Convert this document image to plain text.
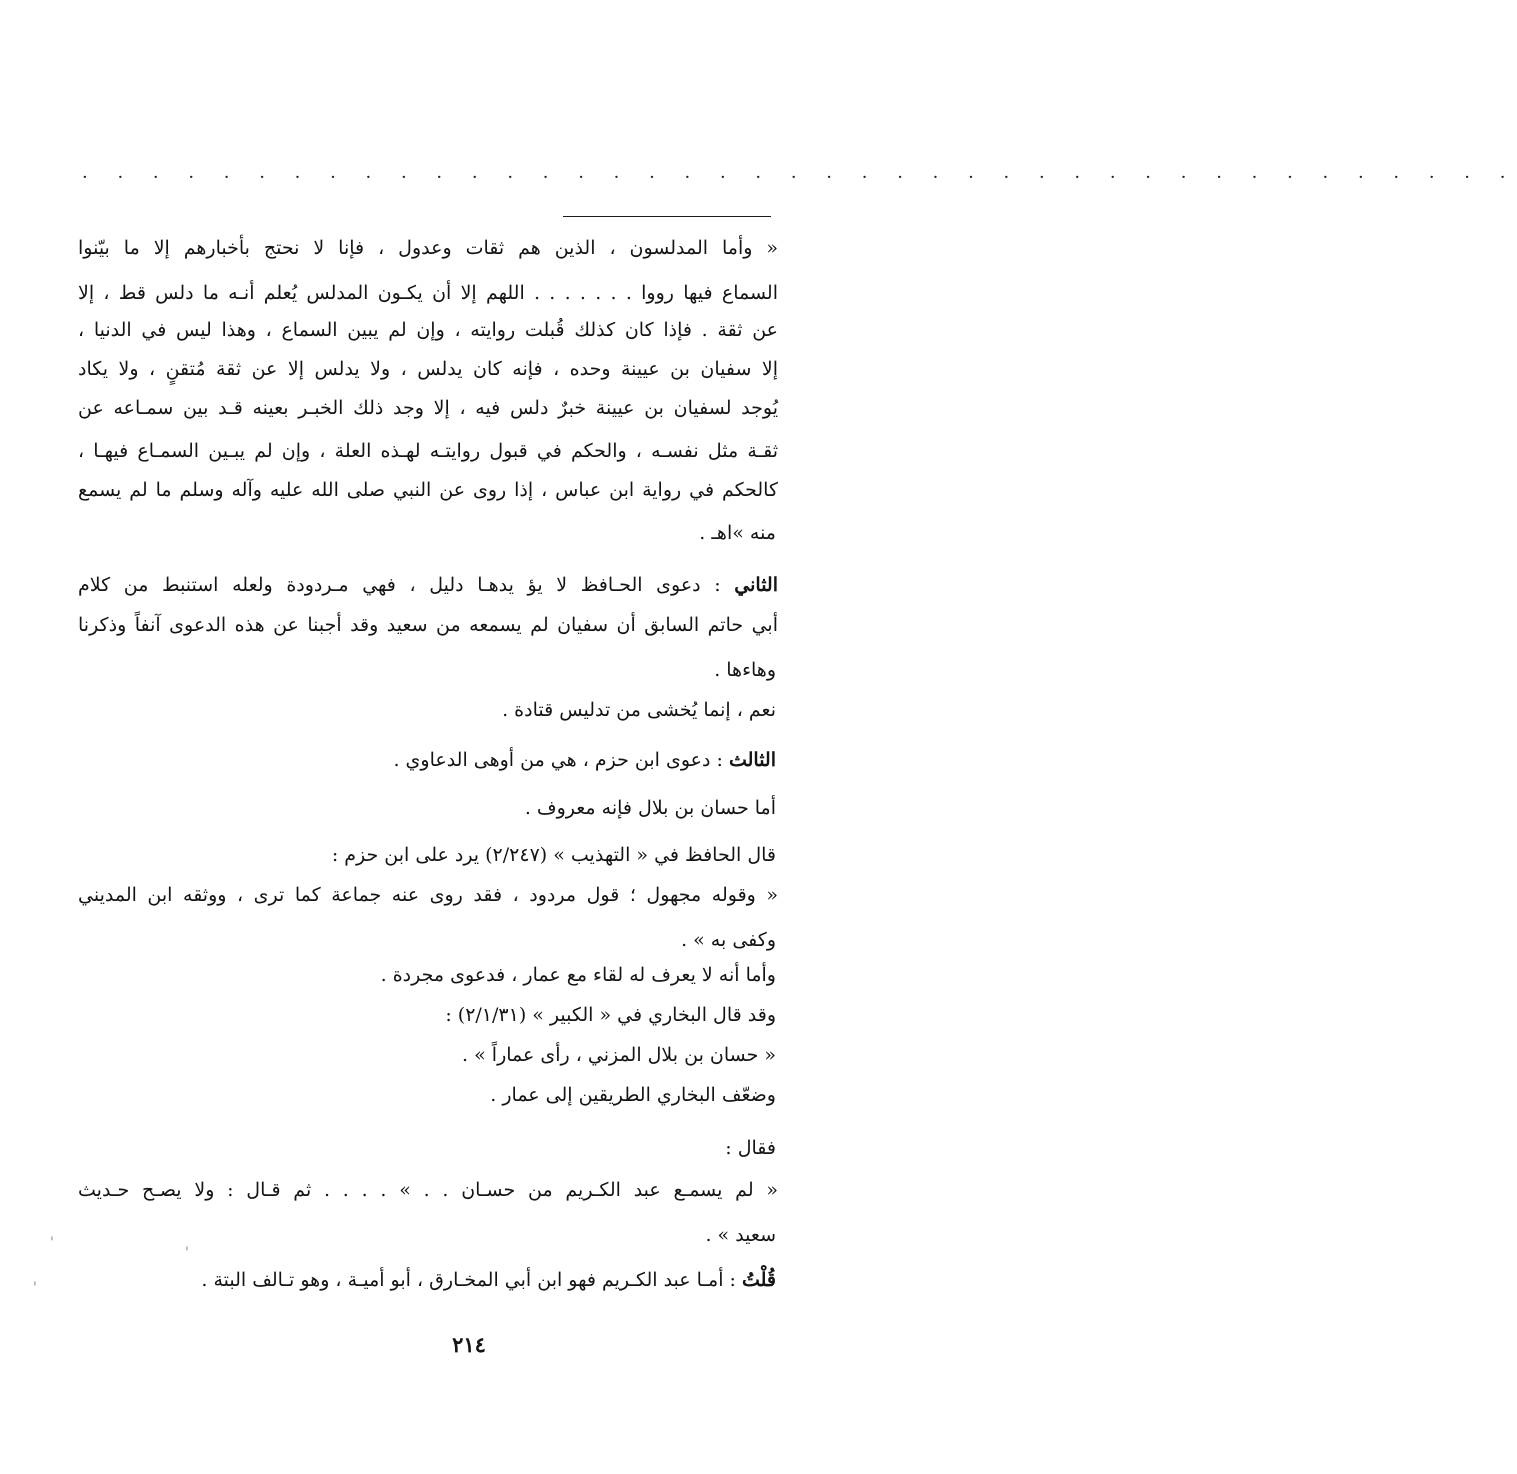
· · · · · · · · · · · · · · · · · · · · · · · · · · · · · · · · · · · · · · · · ·
« وأما المدلسون ، الذين هم ثقات وعدول ، فإنا لا نحتج بأخبارهم إلا ما بيّنوا
السماع فيها رووا . . . . . . . اللهم إلا أن يكـون المدلس يُعلم أنـه ما دلس قط ، إلا
عن ثقة . فإذا كان كذلك قُبلت روايته ، وإن لم يبين السماع ، وهذا ليس في الدنيا ،
إلا سفيان بن عيينة وحده ، فإنه كان يدلس ، ولا يدلس إلا عن ثقة مُتقنٍ ، ولا يكاد
يُوجد لسفيان بن عيينة خبرٌ دلس فيه ، إلا وجد ذلك الخبـر بعينه قـد بين سمـاعه عن
ثقـة مثل نفسـه ، والحكم في قبول روايتـه لهـذه العلة ، وإن لم يبـين السمـاع فيهـا ،
كالحكم في رواية ابن عباس ، إذا روى عن النبي صلى الله عليه وآله وسلم ما لم يسمع
منه »اهـ .
الثاني : دعوى الحـافظ لا يؤ يدهـا دليل ، فهي مـردودة ولعله استنبط من كلام
أبي حاتم السابق أن سفيان لم يسمعه من سعيد وقد أجبنا عن هذه الدعوى آنفاً وذكرنا
وهاءها .
نعم ، إنما يُخشى من تدليس قتادة .
الثالث : دعوى ابن حزم ، هي من أوهى الدعاوي .
أما حسان بن بلال فإنه معروف .
قال الحافظ في « التهذيب » (٢/٢٤٧) يرد على ابن حزم :
« وقوله مجهول ؛ قول مردود ، فقد روى عنه جماعة كما ترى ، ووثقه ابن المديني
وكفى به » .
وأما أنه لا يعرف له لقاء مع عمار ، فدعوى مجردة .
وقد قال البخاري في « الكبير » (٢/١/٣١) :
« حسان بن بلال المزني ، رأى عماراً » .
وضعّف البخاري الطريقين إلى عمار .
فقال :
« لم يسمـع عبد الكـريم من حسـان . . » . . . . ثم قـال : ولا يصـح حـديث
سعيد » .
قُلْتُ : أمـا عبد الكـريم فهو ابن أبي المخـارق ، أبو أميـة ، وهو تـالف البتة .
٢١٤
'
'
'
